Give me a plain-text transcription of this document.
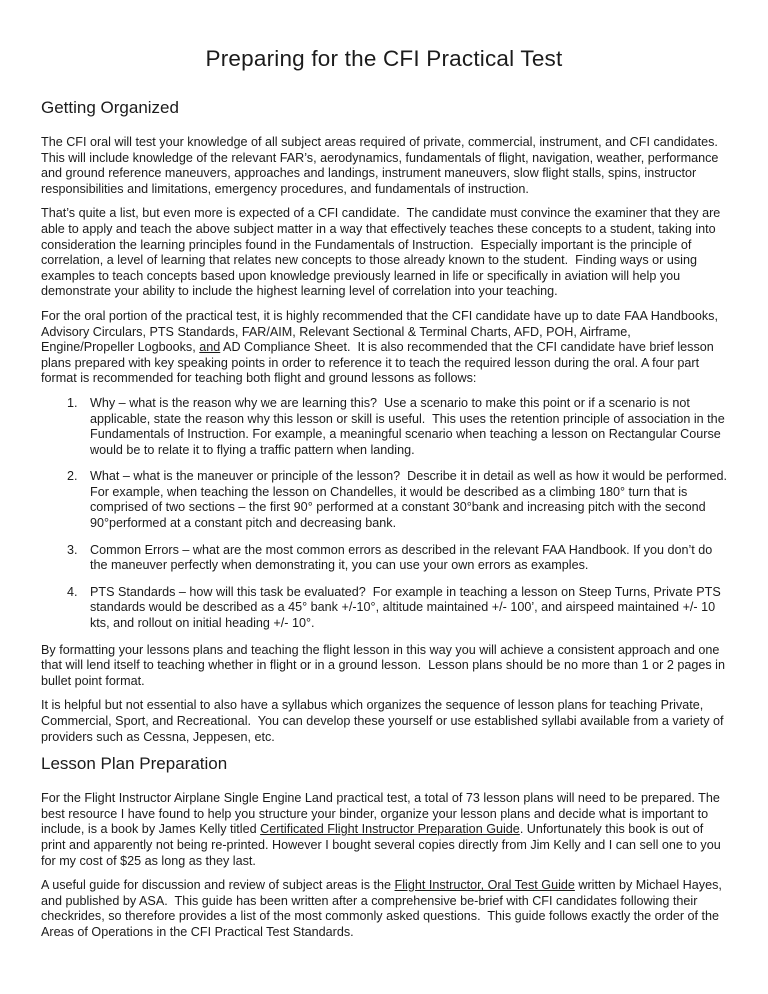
Preparing for the CFI Practical Test
Getting Organized

The CFI oral will test your knowledge of all subject areas required of private, commercial, instrument, and CFI candidates.  This will include knowledge of the relevant FAR’s, aerodynamics, fundamentals of flight, navigation, weather, performance and ground reference maneuvers, approaches and landings, instrument maneuvers, slow flight stalls, spins, instructor responsibilities and limitations, emergency procedures, and fundamentals of instruction.

That’s quite a list, but even more is expected of a CFI candidate.  The candidate must convince the examiner that they are able to apply and teach the above subject matter in a way that effectively teaches these concepts to a student, taking into consideration the learning principles found in the Fundamentals of Instruction.  Especially important is the principle of correlation, a level of learning that relates new concepts to those already known to the student.  Finding ways or using examples to teach concepts based upon knowledge previously learned in life or specifically in aviation will help you demonstrate your ability to include the highest learning level of correlation into your teaching.

For the oral portion of the practical test, it is highly recommended that the CFI candidate have up to date FAA Handbooks, Advisory Circulars, PTS Standards, FAR/AIM, Relevant Sectional & Terminal Charts, AFD, POH, Airframe, Engine/Propeller Logbooks, and AD Compliance Sheet.  It is also recommended that the CFI candidate have brief lesson plans prepared with key speaking points in order to reference it to teach the required lesson during the oral. A four part format is recommended for teaching both flight and ground lessons as follows:

1. Why – what is the reason why we are learning this?  Use a scenario to make this point or if a scenario is not applicable, state the reason why this lesson or skill is useful.  This uses the retention principle of association in the Fundamentals of Instruction. For example, a meaningful scenario when teaching a lesson on Rectangular Course would be to relate it to flying a traffic pattern when landing.
2. What – what is the maneuver or principle of the lesson?  Describe it in detail as well as how it would be performed.  For example, when teaching the lesson on Chandelles, it would be described as a climbing 180° turn that is comprised of two sections – the first 90° performed at a constant 30°bank and increasing pitch with the second 90°performed at a constant pitch and decreasing bank.
3. Common Errors – what are the most common errors as described in the relevant FAA Handbook. If you don’t do the maneuver perfectly when demonstrating it, you can use your own errors as examples.
4. PTS Standards – how will this task be evaluated?  For example in teaching a lesson on Steep Turns, Private PTS standards would be described as a 45° bank +/-10°, altitude maintained +/- 100’, and airspeed maintained +/- 10 kts, and rollout on initial heading +/- 10°.

By formatting your lessons plans and teaching the flight lesson in this way you will achieve a consistent approach and one that will lend itself to teaching whether in flight or in a ground lesson.  Lesson plans should be no more than 1 or 2 pages in bullet point format.

It is helpful but not essential to also have a syllabus which organizes the sequence of lesson plans for teaching Private, Commercial, Sport, and Recreational.  You can develop these yourself or use established syllabi available from a variety of providers such as Cessna, Jeppesen, etc.

Lesson Plan Preparation

For the Flight Instructor Airplane Single Engine Land practical test, a total of 73 lesson plans will need to be prepared. The best resource I have found to help you structure your binder, organize your lesson plans and decide what is important to include, is a book by James Kelly titled Certificated Flight Instructor Preparation Guide. Unfortunately this book is out of print and apparently not being re-printed. However I bought several copies directly from Jim Kelly and I can sell one to you for my cost of $25 as long as they last.

A useful guide for discussion and review of subject areas is the Flight Instructor, Oral Test Guide written by Michael Hayes, and published by ASA.  This guide has been written after a comprehensive be-brief with CFI candidates following their checkrides, so therefore provides a list of the most commonly asked questions.  This guide follows exactly the order of the Areas of Operations in the CFI Practical Test Standards.
